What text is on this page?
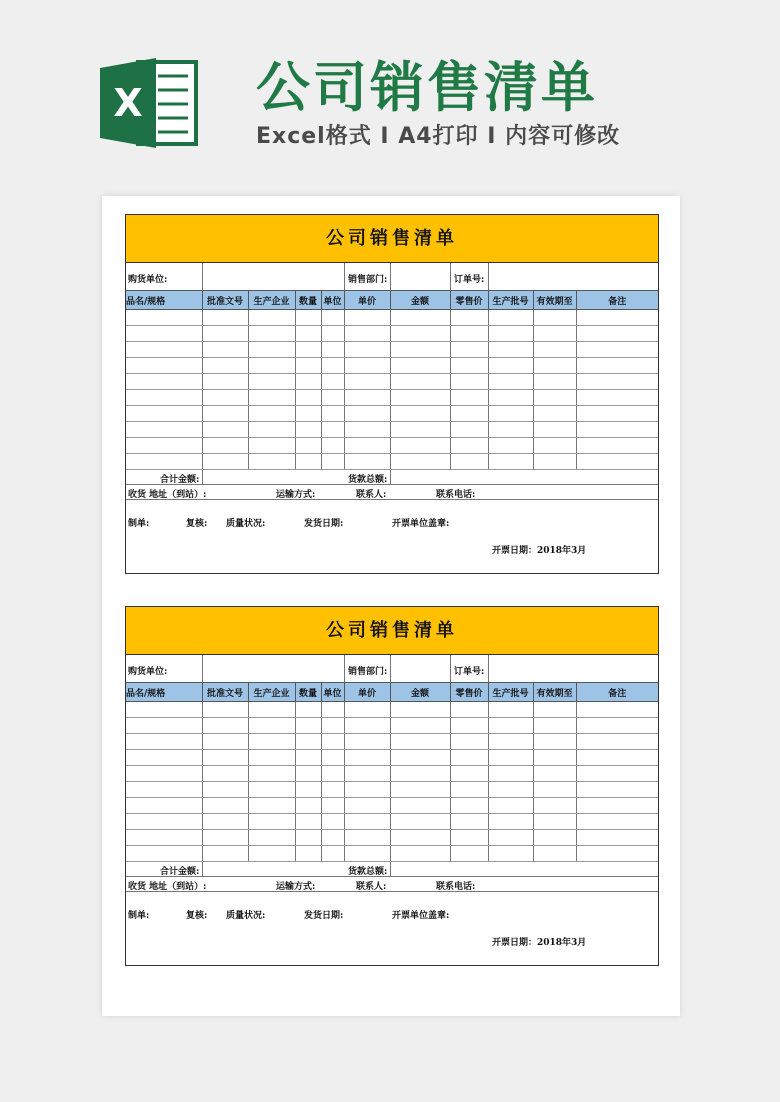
X 公司销售清单
Excel格式 I A4打印 I 内容可修改
公司销售清单
购货单位:	销售部门:	订单号:
品名/规格	批准文号	生产企业	数量	单位	单价	金额	零售价	生产批号	有效期至	备注

合计金额:	货款总额:
收货 地址（到站）:	运输方式:	联系人:	联系电话:
制单:	复核: 质量状况:	发货日期:	开票单位盖章:
开票日期：2018年3月
公司销售清单
购货单位:	销售部门:	订单号:
品名/规格	批准文号	生产企业	数量	单位	单价	金额	零售价	生产批号	有效期至	备注

合计金额:	货款总额:
收货 地址（到站）:	运输方式:	联系人:	联系电话:
制单:	复核: 质量状况:	发货日期:	开票单位盖章:
开票日期：2018年3月
